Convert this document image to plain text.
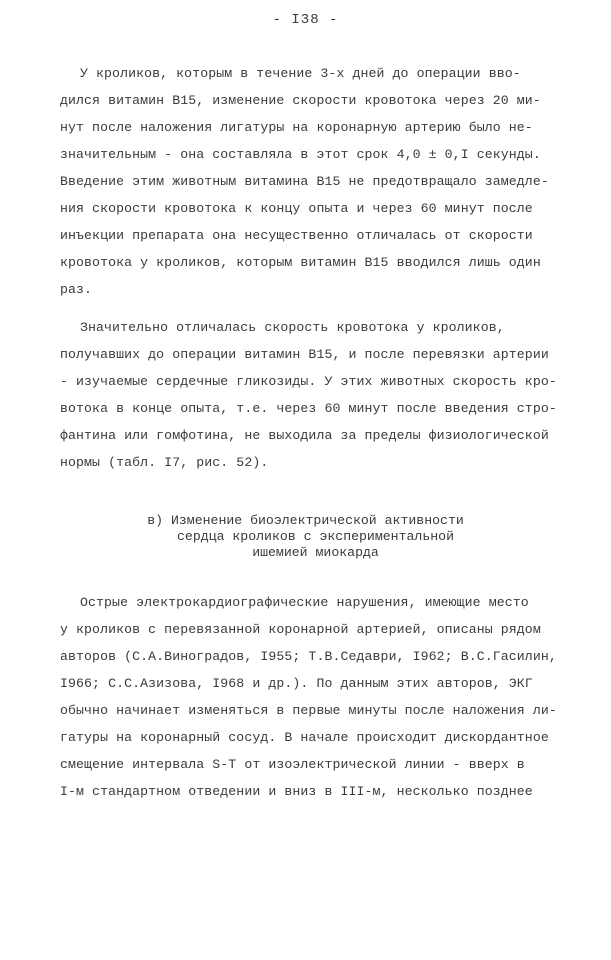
- I38 -
У кроликов, которым в течение 3-х дней до операции вво-
дился витамин B15, изменение скорости кровотока через 20 ми-
нут после наложения лигатуры на коронарную артерию было не-
значительным - она составляла в этот срок 4,0 ± 0,I секунды.
Введение этим животным витамина B15 не предотвращало замедле-
ния скорости кровотока к концу опыта и через 60 минут после
инъекции препарата она несущественно отличалась от скорости
кровотока у кроликов, которым витамин B15 вводился лишь один
раз.
Значительно отличалась скорость кровотока у кроликов,
получавших до операции витамин B15, и после перевязки артерии
- изучаемые сердечные гликозиды. У этих животных скорость кро-
вотока в конце опыта, т.е. через 60 минут после введения стро-
фантина или гомфотина, не выходила за пределы физиологической
нормы (табл. I7, рис. 52).
в) Изменение биоэлектрической активности
сердца кроликов с экспериментальной
ишемией миокарда
Острые электрокардиографические нарушения, имеющие место
у кроликов с перевязанной коронарной артерией, описаны рядом
авторов (С.А.Виноградов, I955; Т.В.Седаври, I962; В.С.Гасилин,
I966; С.С.Азизова, I968 и др.). По данным этих авторов, ЭКГ
обычно начинает изменяться в первые минуты после наложения ли-
гатуры на коронарный сосуд. В начале происходит дискордантное
смещение интервала S-T от изоэлектрической линии - вверх в
I-м стандартном отведении и вниз в III-м, несколько позднее
